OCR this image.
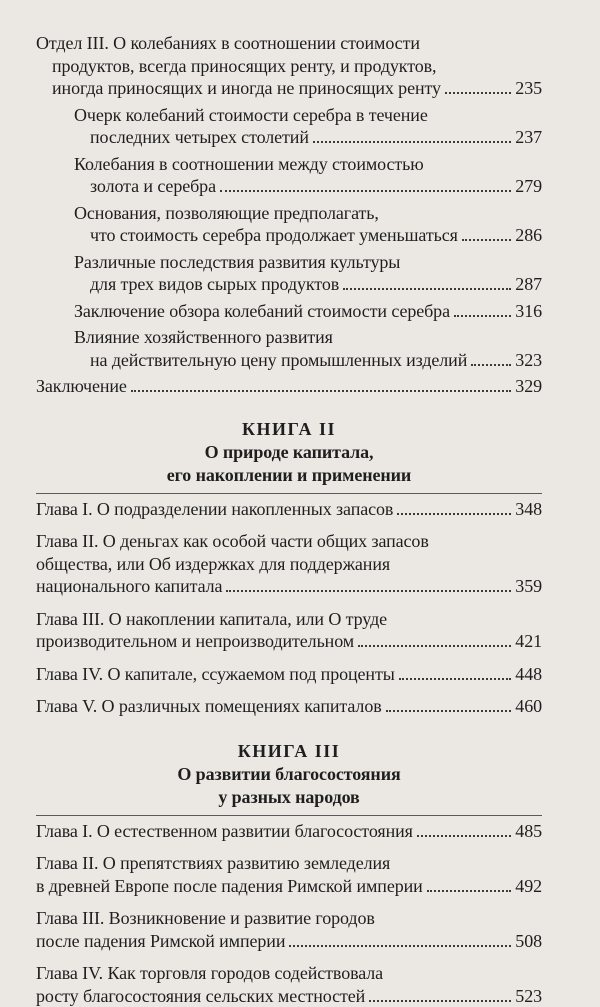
Отдел III. О колебаниях в соотношении стоимости
продуктов, всегда приносящих ренту, и продуктов,
иногда приносящих и иногда не приносящих ренту	235
Очерк колебаний стоимости серебра в течение
последних четырех столетий	237
Колебания в соотношении между стоимостью
золота и серебра	279
Основания, позволяющие предполагать,
что стоимость серебра продолжает уменьшаться	286
Различные последствия развития культуры
для трех видов сырых продуктов	287
Заключение обзора колебаний стоимости серебра	316
Влияние хозяйственного развития
на действительную цену промышленных изделий	323
Заключение	329
КНИГА II
О природе капитала,
его накоплении и применении
Глава I. О подразделении накопленных запасов	348
Глава II. О деньгах как особой части общих запасов
общества, или Об издержках для поддержания
национального капитала	359
Глава III. О накоплении капитала, или О труде
производительном и непроизводительном	421
Глава IV. О капитале, ссужаемом под проценты	448
Глава V. О различных помещениях капиталов	460
КНИГА III
О развитии благосостояния
у разных народов
Глава I. О естественном развитии благосостояния	485
Глава II. О препятствиях развитию земледелия
в древней Европе после падения Римской империи	492
Глава III. Возникновение и развитие городов
после падения Римской империи	508
Глава IV. Как торговля городов содействовала
росту благосостояния сельских местностей	523
